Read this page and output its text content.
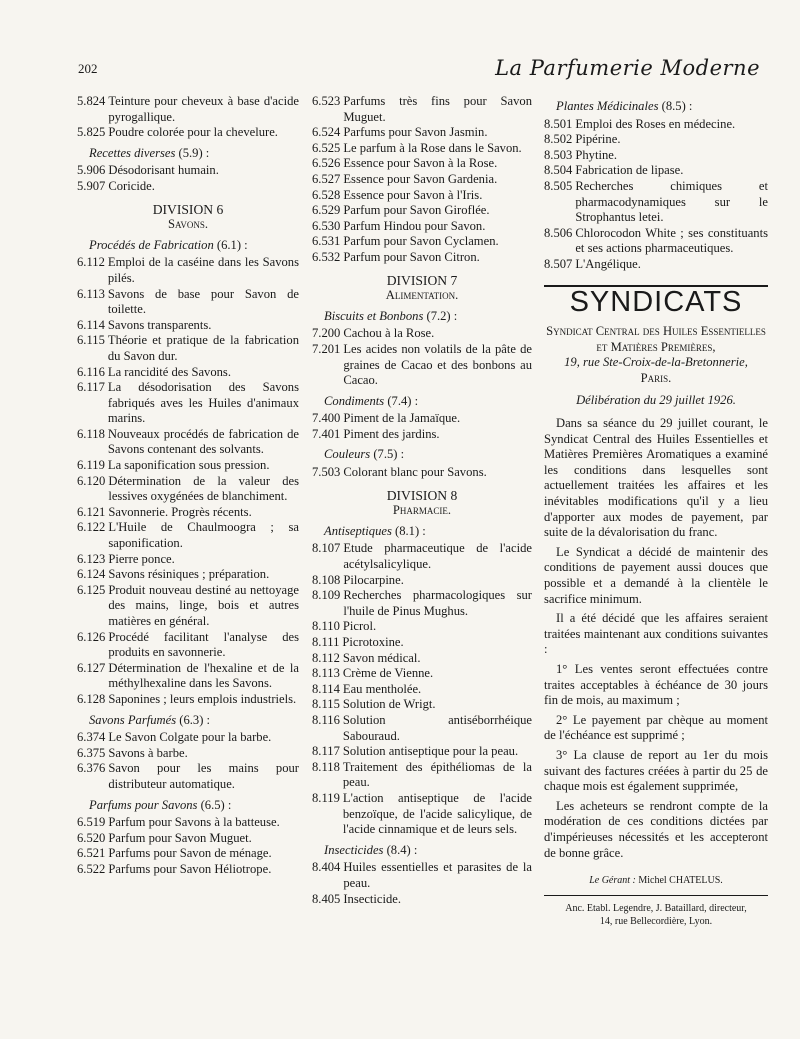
202	La Parfumerie Moderne
5.824 Teinture pour cheveux à base d'acide pyrogallique.
5.825 Poudre colorée pour la chevelure.
Recettes diverses (5.9) :
5.906 Désodorisant humain.
5.907 Coricide.
DIVISION 6
Savons.
Procédés de Fabrication (6.1) :
6.112 Emploi de la caséine dans les Savons pilés.
6.113 Savons de base pour Savon de toilette.
6.114 Savons transparents.
6.115 Théorie et pratique de la fabrication du Savon dur.
6.116 La rancidité des Savons.
6.117 La désodorisation des Savons fabriqués aves les Huiles d'animaux marins.
6.118 Nouveaux procédés de fabrication de Savons contenant des solvants.
6.119 La saponification sous pression.
6.120 Détermination de la valeur des lessives oxygénées de blanchiment.
6.121 Savonnerie. Progrès récents.
6.122 L'Huile de Chaulmoogra ; sa saponification.
6.123 Pierre ponce.
6.124 Savons résiniques ; préparation.
6.125 Produit nouveau destiné au nettoyage des mains, linge, bois et autres matières en général.
6.126 Procédé facilitant l'analyse des produits en savonnerie.
6.127 Détermination de l'hexaline et de la méthylhexaline dans les Savons.
6.128 Saponines ; leurs emplois industriels.
Savons Parfumés (6.3) :
6.374 Le Savon Colgate pour la barbe.
6.375 Savons à barbe.
6.376 Savon pour les mains pour distributeur automatique.
Parfums pour Savons (6.5) :
6.519 Parfum pour Savons à la batteuse.
6.520 Parfum pour Savon Muguet.
6.521 Parfums pour Savon de ménage.
6.522 Parfums pour Savon Héliotrope.
6.523 Parfums très fins pour Savon Muguet.
6.524 Parfums pour Savon Jasmin.
6.525 Le parfum à la Rose dans le Savon.
6.526 Essence pour Savon à la Rose.
6.527 Essence pour Savon Gardenia.
6.528 Essence pour Savon à l'Iris.
6.529 Parfum pour Savon Giroflée.
6.530 Parfum Hindou pour Savon.
6.531 Parfum pour Savon Cyclamen.
6.532 Parfum pour Savon Citron.
DIVISION 7
Alimentation.
Biscuits et Bonbons (7.2) :
7.200 Cachou à la Rose.
7.201 Les acides non volatils de la pâte de graines de Cacao et des bonbons au Cacao.
Condiments (7.4) :
7.400 Piment de la Jamaïque.
7.401 Piment des jardins.
Couleurs (7.5) :
7.503 Colorant blanc pour Savons.
DIVISION 8
Pharmacie.
Antiseptiques (8.1) :
8.107 Etude pharmaceutique de l'acide acétylsalicylique.
8.108 Pilocarpine.
8.109 Recherches pharmacologiques sur l'huile de Pinus Mughus.
8.110 Picrol.
8.111 Picrotoxine.
8.112 Savon médical.
8.113 Crème de Vienne.
8.114 Eau mentholée.
8.115 Solution de Wrigt.
8.116 Solution antiséborrhéique Sabouraud.
8.117 Solution antiseptique pour la peau.
8.118 Traitement des épithéliomas de la peau.
8.119 L'action antiseptique de l'acide benzoïque, de l'acide salicylique, de l'acide cinnamique et de leurs sels.
Insecticides (8.4) :
8.404 Huiles essentielles et parasites de la peau.
8.405 Insecticide.
Plantes Médicinales (8.5) :
8.501 Emploi des Roses en médecine.
8.502 Pipérine.
8.503 Phytine.
8.504 Fabrication de lipase.
8.505 Recherches chimiques et pharmacodynamiques sur le Strophantus letei.
8.506 Chlorocodon White ; ses constituants et ses actions pharmaceutiques.
8.507 L'Angélique.
SYNDICATS
Syndicat Central des Huiles Essentielles et Matières Premières,
19, rue Ste-Croix-de-la-Bretonnerie,
Paris.
Délibération du 29 juillet 1926.

Dans sa séance du 29 juillet courant, le Syndicat Central des Huiles Essentielles et Matières Premières Aromatiques a examiné les conditions dans lesquelles sont actuellement traitées les affaires et les inévitables modifications qu'il y a lieu d'apporter aux modes de payement, par suite de la dévalorisation du franc.

Le Syndicat a décidé de maintenir des conditions de payement aussi douces que possible et a demandé à la clientèle le sacrifice minimum.

Il a été décidé que les affaires seraient traitées maintenant aux conditions suivantes :

1° Les ventes seront effectuées contre traites acceptables à échéance de 30 jours fin de mois, au maximum ;

2° Le payement par chèque au moment de l'échéance est supprimé ;

3° La clause de report au 1er du mois suivant des factures créées à partir du 25 de chaque mois est également supprimée,

Les acheteurs se rendront compte de la modération de ces conditions dictées par d'impérieuses nécessités et les accepteront de bonne grâce.

Le Gérant : Michel CHATELUS.
Anc. Etabl. Legendre, J. Bataillard, directeur,
14, rue Bellecordière, Lyon.
